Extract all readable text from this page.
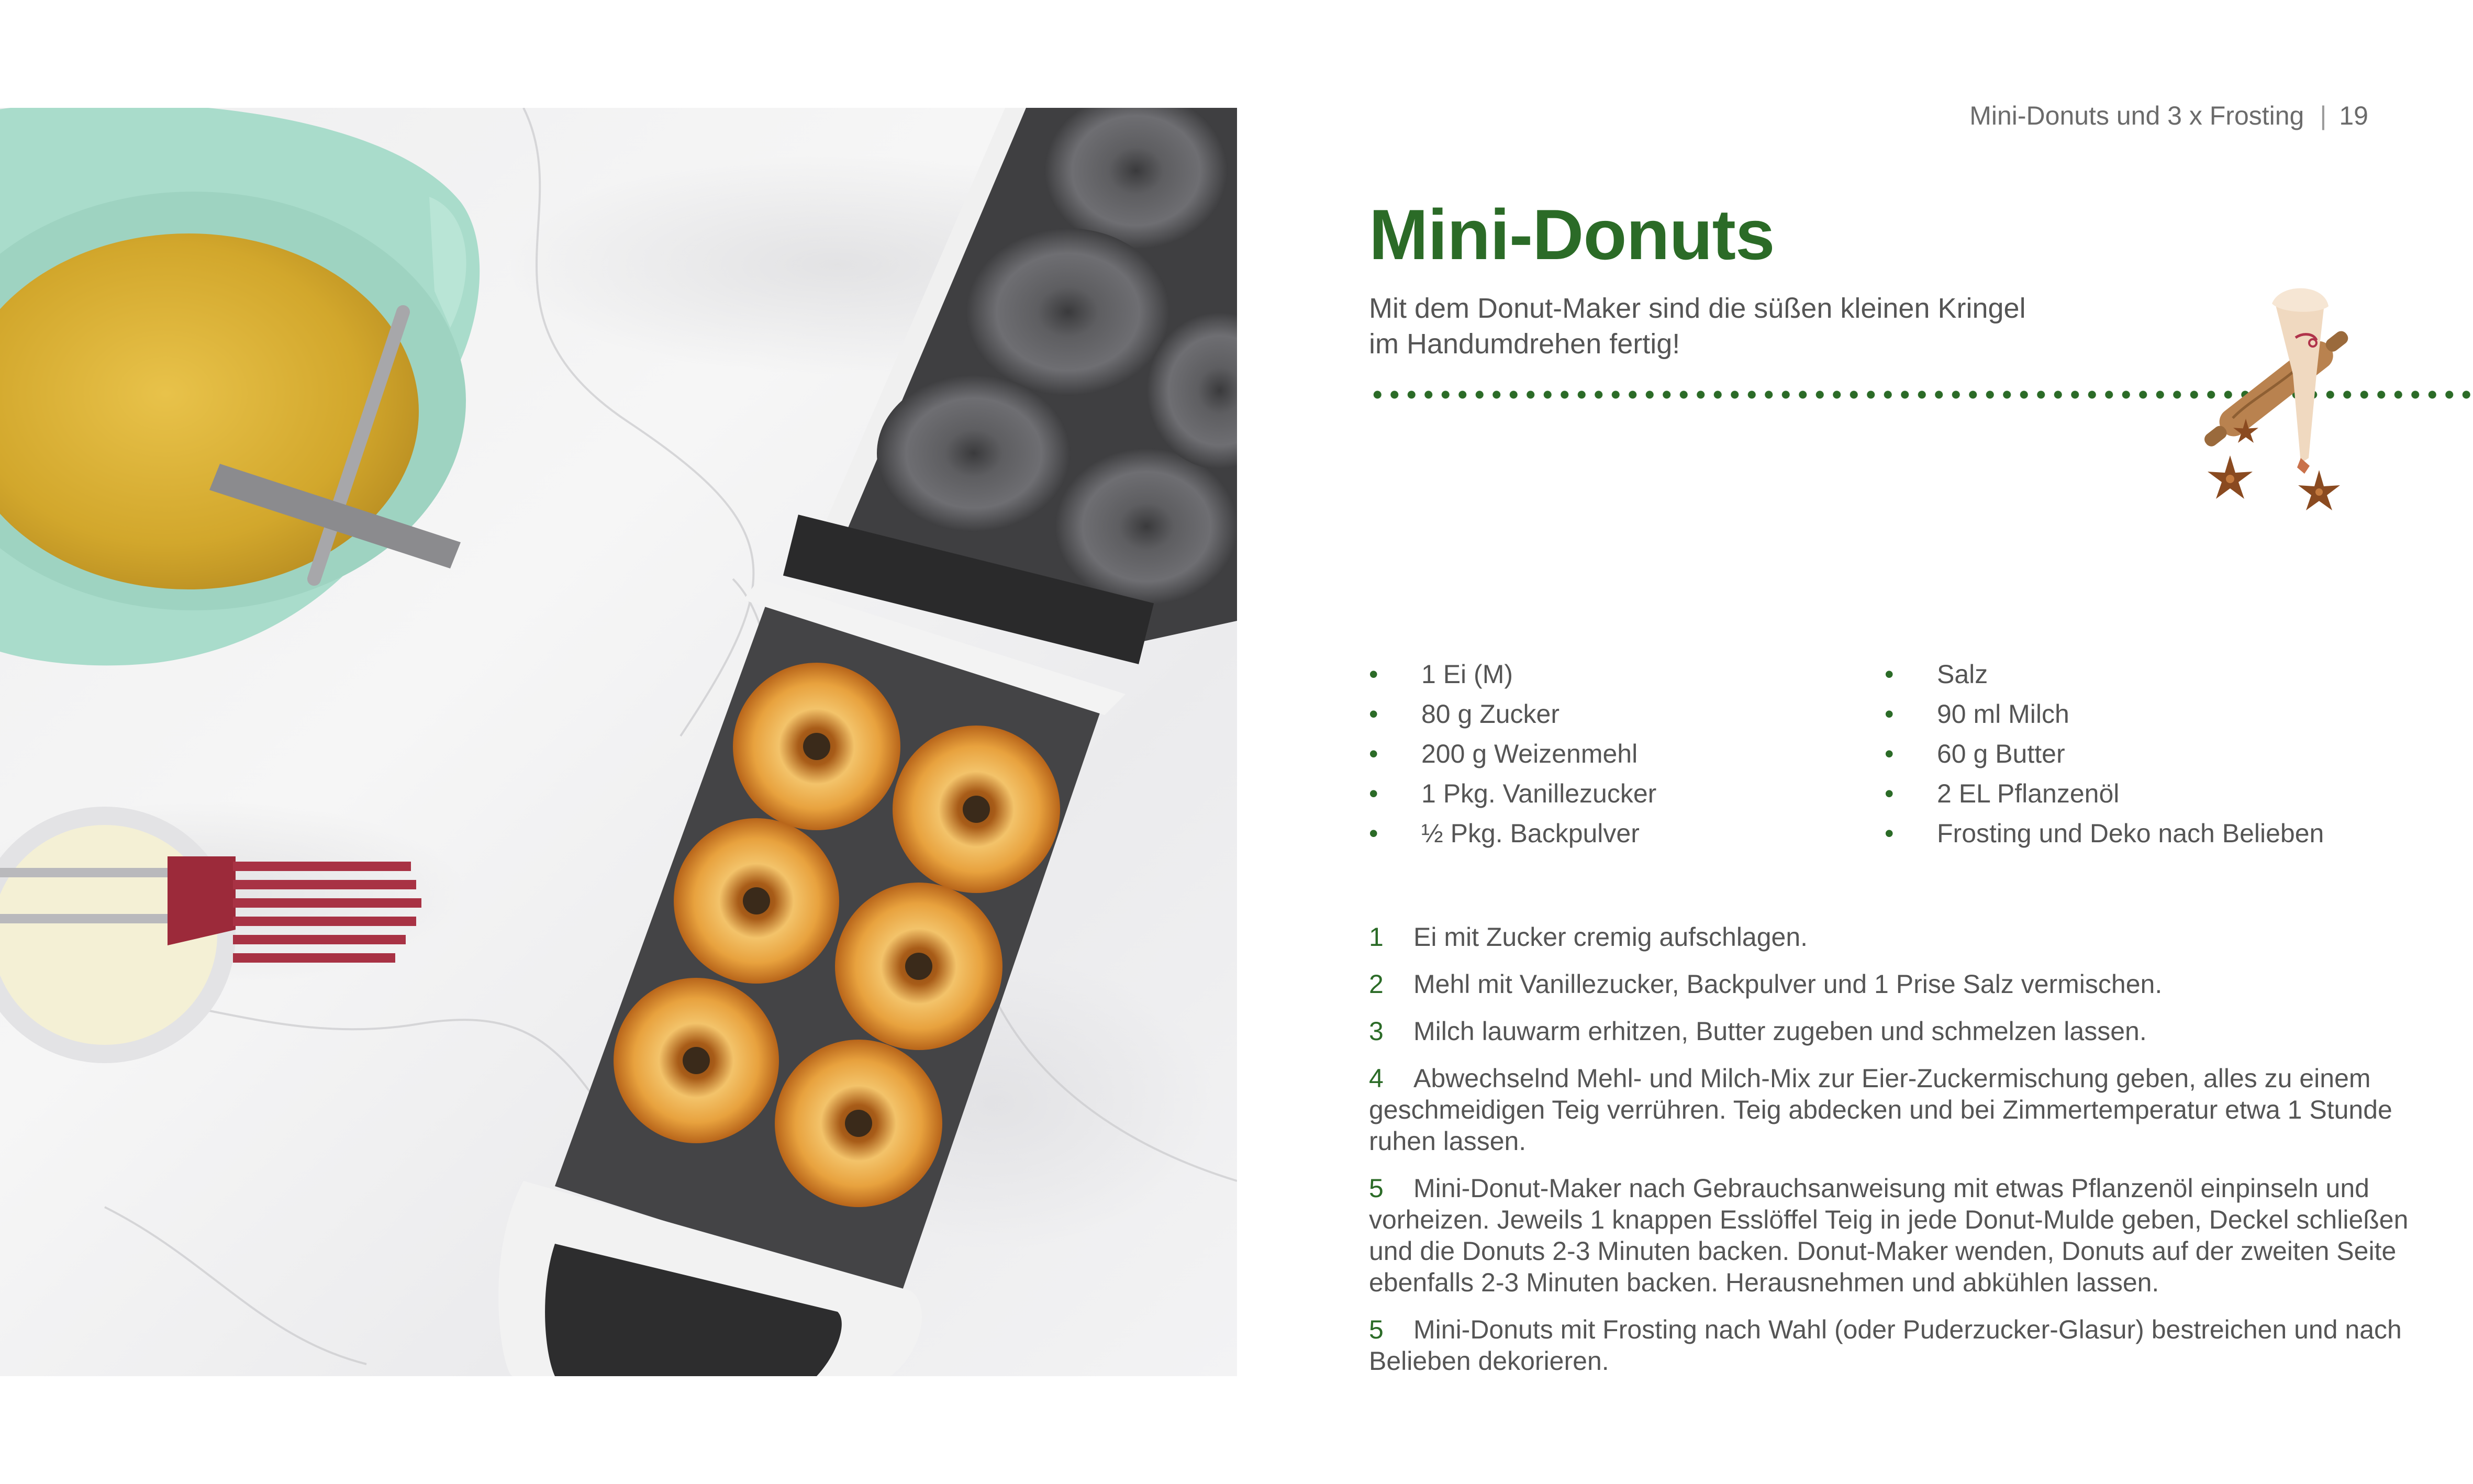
Mini-Donuts und 3 x Frosting | 19
Mini-Donuts
Mit dem Donut-Maker sind die süßen kleinen Kringel im Handumdrehen fertig!
• 1 Ei (M)
• 80 g Zucker
• 200 g Weizenmehl
• 1 Pkg. Vanillezucker
• ½ Pkg. Backpulver
• Salz
• 90 ml Milch
• 60 g Butter
• 2 EL Pflanzenöl
• Frosting und Deko nach Belieben

1 Ei mit Zucker cremig aufschlagen.

2 Mehl mit Vanillezucker, Backpulver und 1 Prise Salz vermischen.

3 Milch lauwarm erhitzen, Butter zugeben und schmelzen lassen.

4 Abwechselnd Mehl- und Milch-Mix zur Eier-Zuckermischung geben, alles zu einem geschmeidigen Teig verrühren. Teig abdecken und bei Zimmertemperatur etwa 1 Stunde ruhen lassen.

5 Mini-Donut-Maker nach Gebrauchsanweisung mit etwas Pflanzenöl einpinseln und vorheizen. Jeweils 1 knappen Esslöffel Teig in jede Donut-Mulde geben, Deckel schließen und die Donuts 2-3 Minuten backen. Donut-Maker wenden, Donuts auf der zweiten Seite ebenfalls 2-3 Minuten backen. Herausnehmen und abkühlen lassen.

5 Mini-Donuts mit Frosting nach Wahl (oder Puderzucker-Glasur) bestreichen und nach Belieben dekorieren.
